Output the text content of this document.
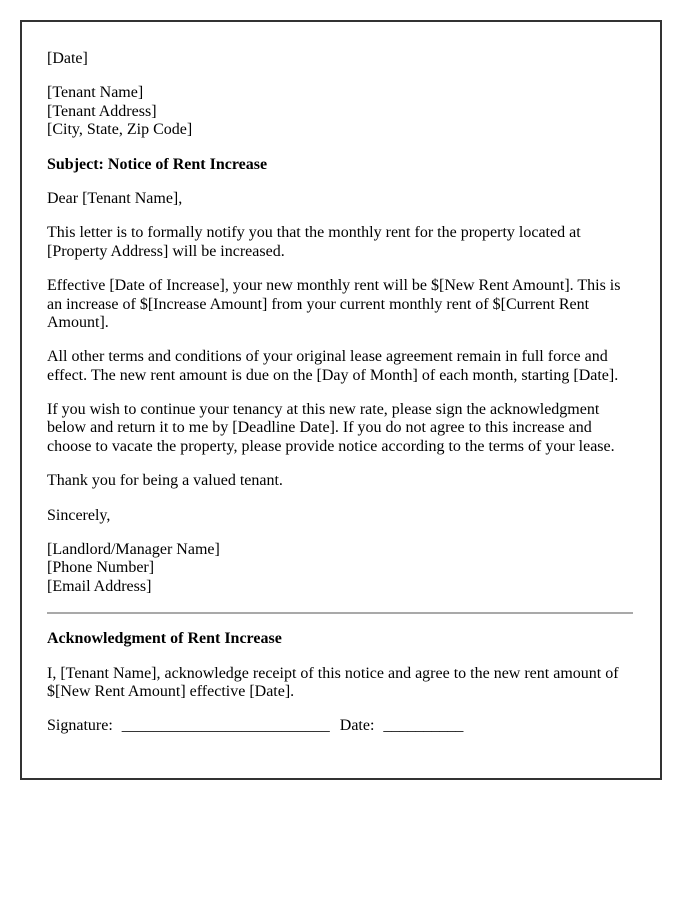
[Date]

[Tenant Name]
[Tenant Address]
[City, State, Zip Code]

Subject: Notice of Rent Increase

Dear [Tenant Name],

This letter is to formally notify you that the monthly rent for the property located at [Property Address] will be increased.

Effective [Date of Increase], your new monthly rent will be $[New Rent Amount]. This is an increase of $[Increase Amount] from your current monthly rent of $[Current Rent Amount].

All other terms and conditions of your original lease agreement remain in full force and effect. The new rent amount is due on the [Day of Month] of each month, starting [Date].

If you wish to continue your tenancy at this new rate, please sign the acknowledgment below and return it to me by [Deadline Date]. If you do not agree to this increase and choose to vacate the property, please provide notice according to the terms of your lease.

Thank you for being a valued tenant.

Sincerely,

[Landlord/Manager Name]
[Phone Number]
[Email Address]

Acknowledgment of Rent Increase

I, [Tenant Name], acknowledge receipt of this notice and agree to the new rent amount of $[New Rent Amount] effective [Date].

Signature: __________________________ Date: __________
